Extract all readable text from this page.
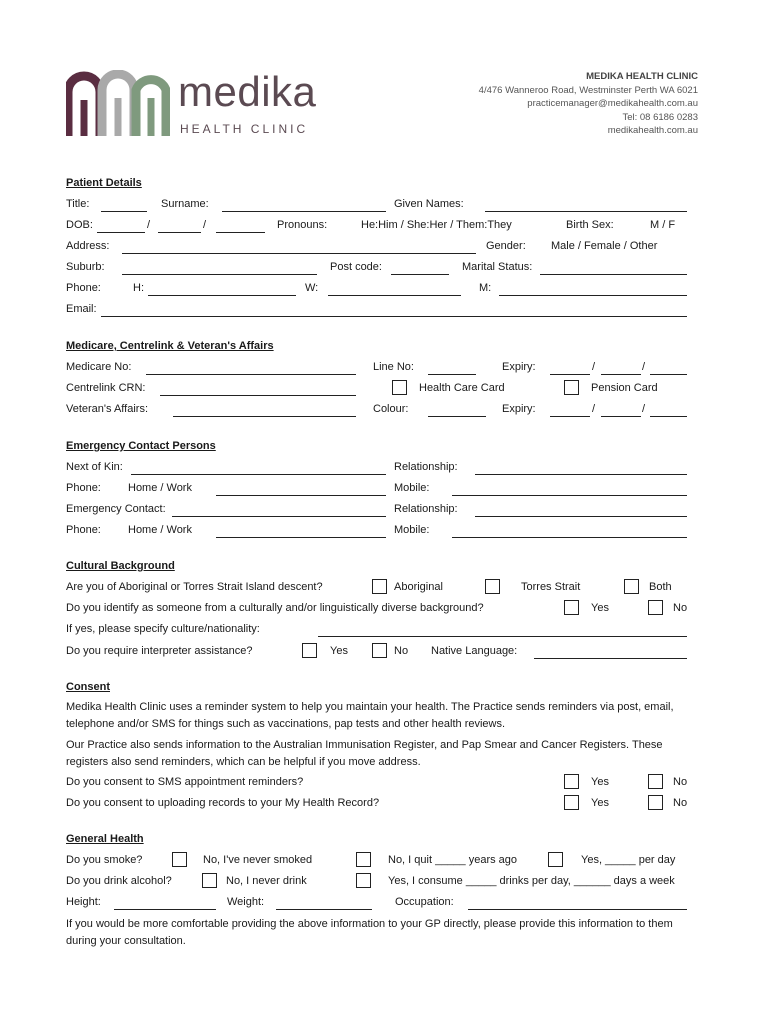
medika
HEALTH CLINIC
MEDIKA HEALTH CLINIC
4/476 Wanneroo Road, Westminster Perth WA 6021
practicemanager@medikahealth.com.au
Tel: 08 6186 0283
medikahealth.com.au
Patient Details
Title:	Surname:	Given Names:
DOB:	/	/	Pronouns:	He:Him / She:Her / Them:They	Birth Sex:	M / F
Address:	Gender: Male / Female / Other
Suburb:	Post code:	Marital Status:
Phone:	H:	W:	M:
Email:
Medicare, Centrelink & Veteran's Affairs
Medicare No:	Line No:	Expiry:	/	/
Centrelink CRN:	Health Care Card	Pension Card
Veteran's Affairs:	Colour:	Expiry:	/	/
Emergency Contact Persons
Next of Kin:	Relationship:
Phone: Home / Work	Mobile:
Emergency Contact:	Relationship:
Phone: Home / Work	Mobile:
Cultural Background
Are you of Aboriginal or Torres Strait Island descent?	Aboriginal	Torres Strait	Both
Do you identify as someone from a culturally and/or linguistically diverse background?	Yes	No
If yes, please specify culture/nationality:
Do you require interpreter assistance?	Yes	No Native Language:
Consent
Medika Health Clinic uses a reminder system to help you maintain your health. The Practice sends reminders via post, email, telephone and/or SMS for things such as vaccinations, pap tests and other health reviews.
Our Practice also sends information to the Australian Immunisation Register, and Pap Smear and Cancer Registers. These registers also send reminders, which can be helpful if you move address.
Do you consent to SMS appointment reminders?	Yes	No
Do you consent to uploading records to your My Health Record?	Yes	No
General Health
Do you smoke?	No, I've never smoked	No, I quit _____ years ago	Yes, _____ per day
Do you drink alcohol?	No, I never drink	Yes, I consume _____ drinks per day, ______ days a week
Height:	Weight:	Occupation:
If you would be more comfortable providing the above information to your GP directly, please provide this information to them during your consultation.
